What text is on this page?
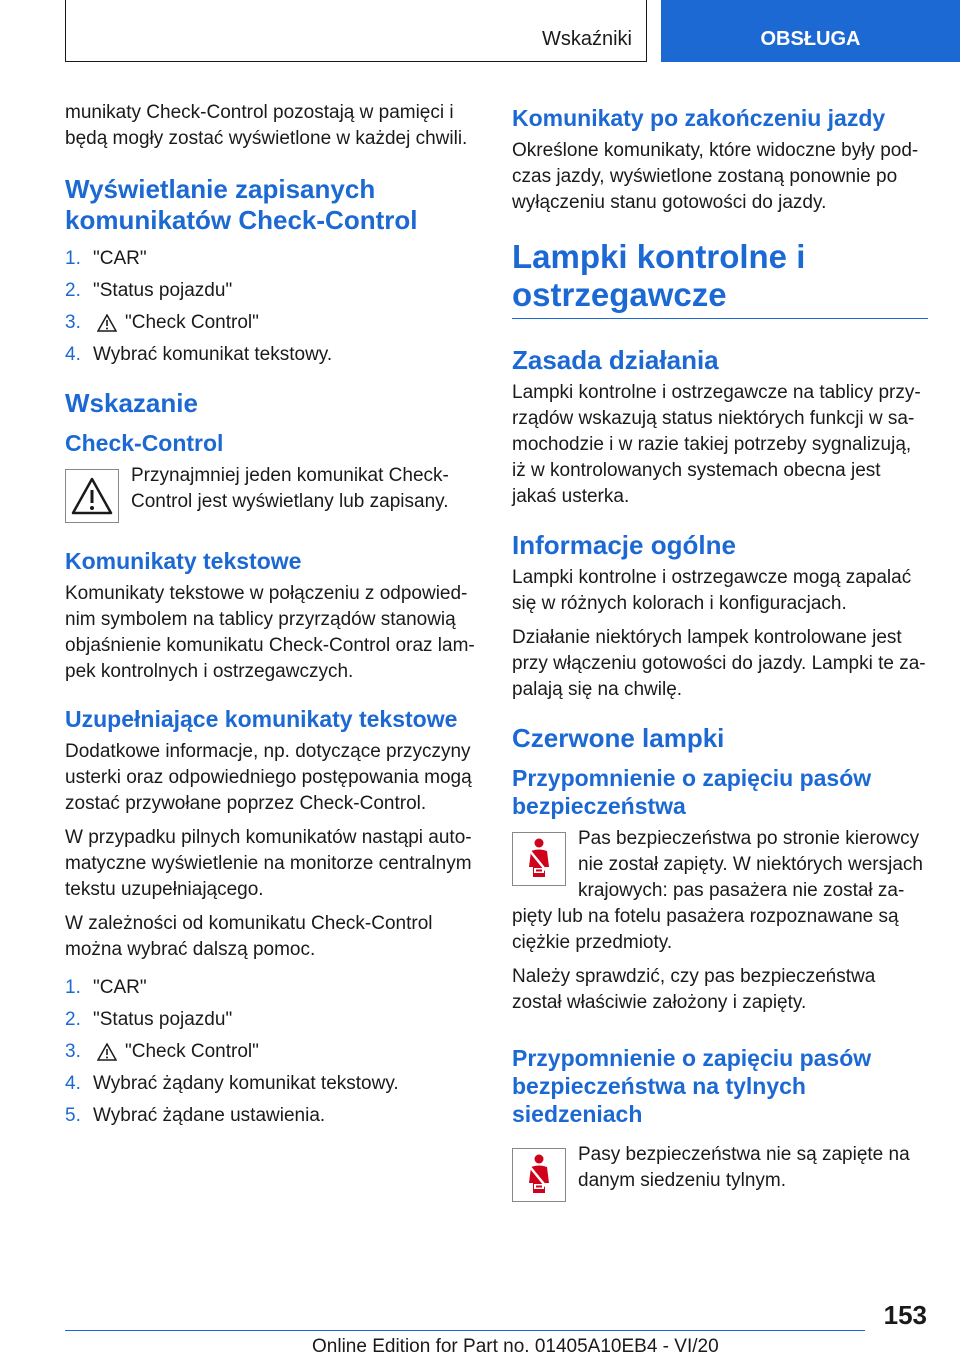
Wskaźniki	OBSŁUGA

munikaty Check-Control pozostają w pamięci i będą mogły zostać wyświetlone w każdej chwili.

Wyświetlanie zapisanych komunikatów Check-Control
1. "CAR"
2. "Status pojazdu"
3.	"Check Control"
4. Wybrać komunikat tekstowy.
Wskazanie
Check-Control

Przynajmniej jeden komunikat Check-Control jest wyświetlany lub zapisany.

Komunikaty tekstowe

Komunikaty tekstowe w połączeniu z odpowied-nim symbolem na tablicy przyrządów stanowią objaśnienie komunikatu Check-Control oraz lam-pek kontrolnych i ostrzegawczych.

Uzupełniające komunikaty tekstowe

Dodatkowe informacje, np. dotyczące przyczyny usterki oraz odpowiedniego postępowania mogą zostać przywołane poprzez Check-Control.

W przypadku pilnych komunikatów nastąpi auto-matyczne wyświetlenie na monitorze centralnym tekstu uzupełniającego.

W zależności od komunikatu Check-Control można wybrać dalszą pomoc.

1. "CAR"
2. "Status pojazdu"
3.	"Check Control"
4. Wybrać żądany komunikat tekstowy.
5. Wybrać żądane ustawienia.
Komunikaty po zakończeniu jazdy

Określone komunikaty, które widoczne były pod-czas jazdy, wyświetlone zostaną ponownie po wyłączeniu stanu gotowości do jazdy.

Lampki kontrolne i ostrzegawcze
Zasada działania

Lampki kontrolne i ostrzegawcze na tablicy przy-rządów wskazują status niektórych funkcji w sa-mochodzie i w razie takiej potrzeby sygnalizują, iż w kontrolowanych systemach obecna jest jakaś usterka.

Informacje ogólne

Lampki kontrolne i ostrzegawcze mogą zapalać się w różnych kolorach i konfiguracjach.

Działanie niektórych lampek kontrolowane jest przy włączeniu gotowości do jazdy. Lampki te za-palają się na chwilę.

Czerwone lampki
Przypomnienie o zapięciu pasów bezpieczeństwa

Pas bezpieczeństwa po stronie kierowcy nie został zapięty. W niektórych wersjach krajowych: pas pasażera nie został za-pięty lub na fotelu pasażera rozpoznawane są ciężkie przedmioty.

Należy sprawdzić, czy pas bezpieczeństwa został właściwie założony i zapięty.

Przypomnienie o zapięciu pasów bezpieczeństwa na tylnych siedzeniach

Pasy bezpieczeństwa nie są zapięte na danym siedzeniu tylnym.

153
Online Edition for Part no. 01405A10EB4 - VI/20
